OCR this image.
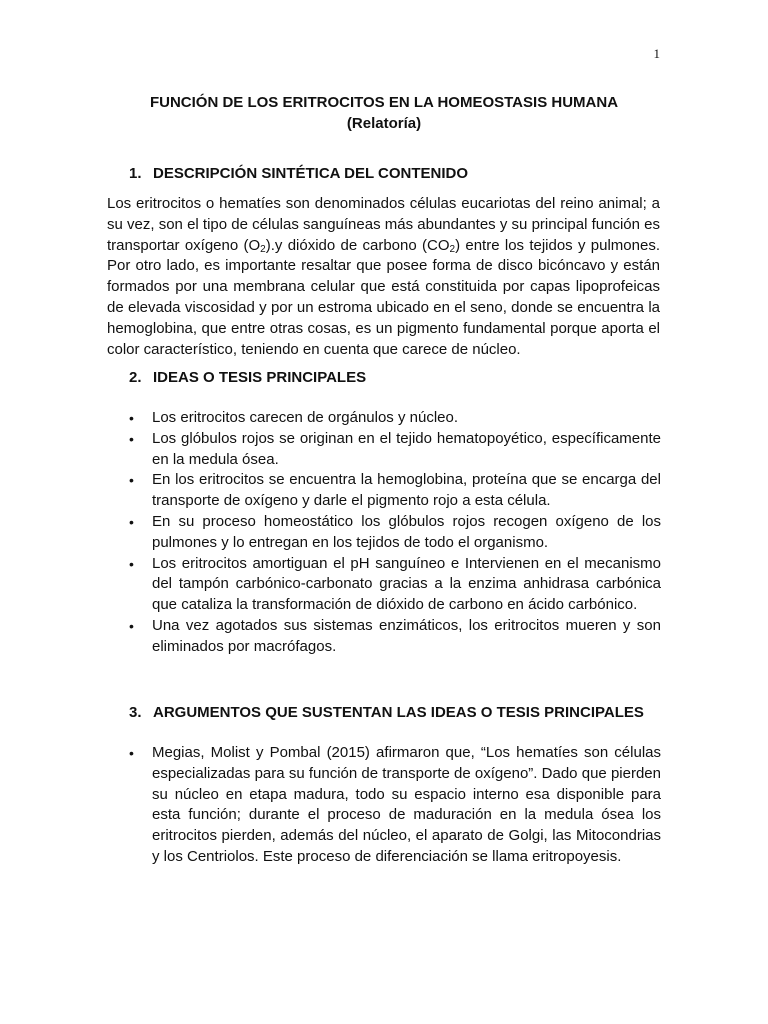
1
FUNCIÓN DE LOS ERITROCITOS EN LA HOMEOSTASIS HUMANA
(Relatoría)
1. DESCRIPCIÓN SINTÉTICA DEL CONTENIDO

Los eritrocitos o hematíes son denominados células eucariotas del reino animal; a su vez, son el tipo de células sanguíneas más abundantes y su principal función es transportar oxígeno $(O_2).y$ dióxido de carbono $(CO_2)$ entre los tejidos y pulmones. Por otro lado, es importante resaltar que posee forma de disco bicóncavo y están formados por una membrana celular que está constituida por capas lipoprofeicas de elevada viscosidad y por un estroma ubicado en el seno, donde se encuentra la hemoglobina, que entre otras cosas, es un pigmento fundamental porque aporta el color característico, teniendo en cuenta que carece de núcleo.

2. IDEAS O TESIS PRINCIPALES
• Los eritrocitos carecen de orgánulos y núcleo.
• Los glóbulos rojos se originan en el tejido hematopoyético, específicamente en la medula ósea.
• En los eritrocitos se encuentra la hemoglobina, proteína que se encarga del transporte de oxígeno y darle el pigmento rojo a esta célula.
• En su proceso homeostático los glóbulos rojos recogen oxígeno de los pulmones y lo entregan en los tejidos de todo el organismo.
• Los eritrocitos amortiguan el pH sanguíneo e Intervienen en el mecanismo del tampón carbónico-carbonato gracias a la enzima anhidrasa carbónica que cataliza la transformación de dióxido de carbono en ácido carbónico.
• Una vez agotados sus sistemas enzimáticos, los eritrocitos mueren y son eliminados por macrófagos.
3. ARGUMENTOS QUE SUSTENTAN LAS IDEAS O TESIS PRINCIPALES
• Megias, Molist y Pombal (2015) afirmaron que, “Los hematíes son células especializadas para su función de transporte de oxígeno”. Dado que pierden su núcleo en etapa madura, todo su espacio interno esa disponible para esta función; durante el proceso de maduración en la medula ósea los eritrocitos pierden, además del núcleo, el aparato de Golgi, las Mitocondrias y los Centriolos. Este proceso de diferenciación se llama eritropoyesis.
